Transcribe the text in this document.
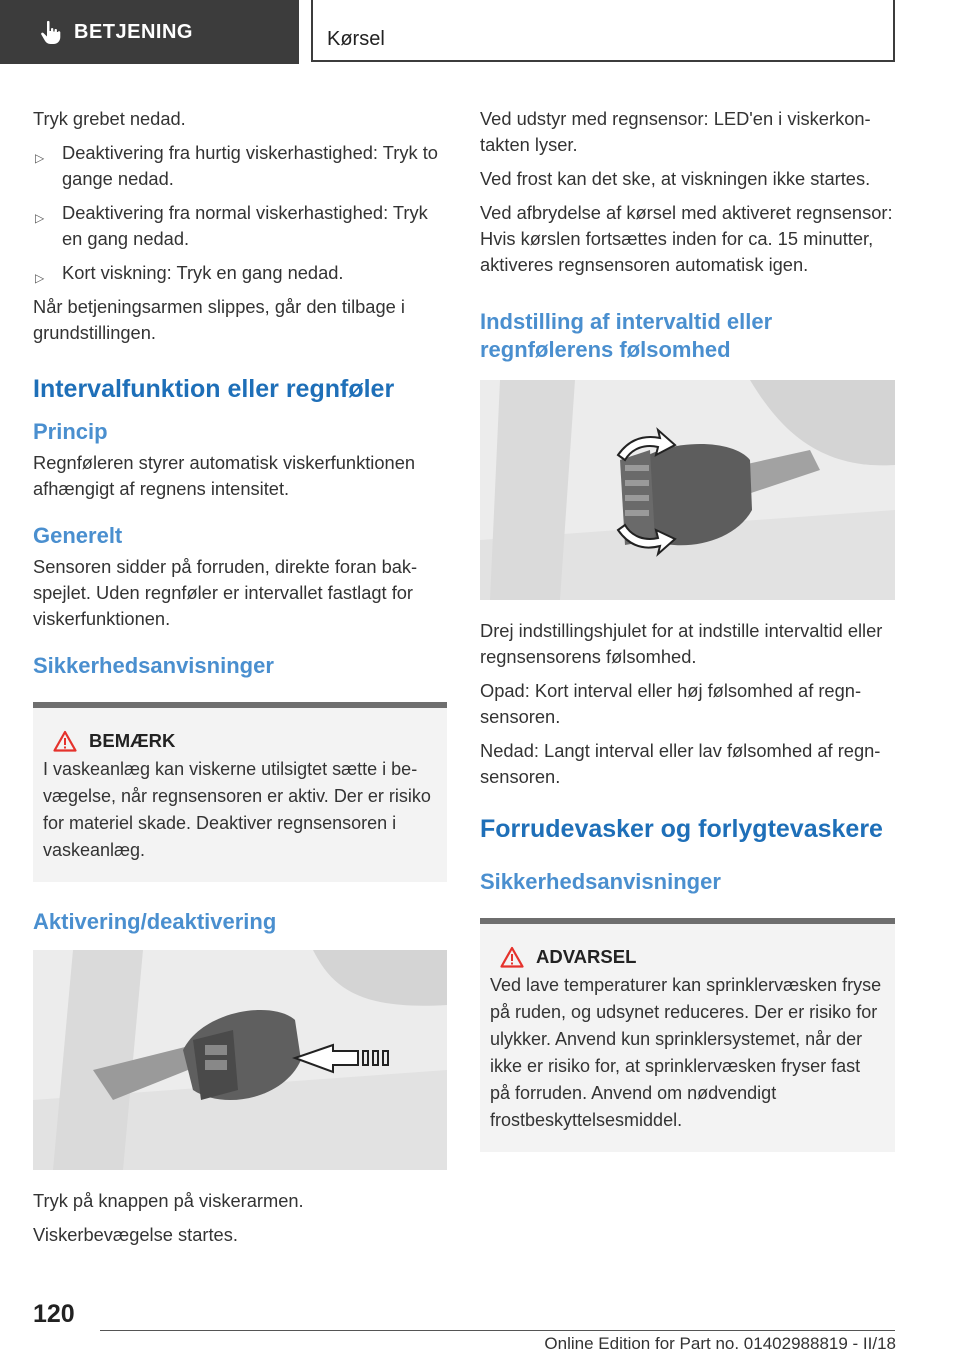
BETJENING	Kørsel

Tryk grebet nedad.

▷ Deaktivering fra hurtig viskerhastighed: Tryk to gange nedad.

▷ Deaktivering fra normal viskerhastighed: Tryk en gang nedad.

▷ Kort viskning: Tryk en gang nedad.

Når betjeningsarmen slippes, går den tilbage i grundstillingen.

Intervalfunktion eller regnføler
Princip

Regnføleren styrer automatisk viskerfunktionen afhængigt af regnens intensitet.

Generelt

Sensoren sidder på forruden, direkte foran bakspejlet. Uden regnføler er intervallet fastlagt for viskerfunktionen.

Sikkerhedsanvisninger
BEMÆRK

I vaskeanlæg kan viskerne utilsigtet sætte i bevægelse, når regnsensoren er aktiv. Der er risiko for materiel skade. Deaktiver regnsensoren i vaskeanlæg.

Aktivering/deaktivering

Tryk på knappen på viskerarmen.

Viskerbevægelse startes.

Ved udstyr med regnsensor: LED'en i viskerkontakten lyser.

Ved frost kan det ske, at viskningen ikke startes.

Ved afbrydelse af kørsel med aktiveret regnsensor: Hvis kørslen fortsættes inden for ca. 15 minutter, aktiveres regnsensoren automatisk igen.

Indstilling af intervaltid eller regnfølerens følsomhed

Drej indstillingshjulet for at indstille intervaltid eller regnsensorens følsomhed.

Opad: Kort interval eller høj følsomhed af regnsensoren.

Nedad: Langt interval eller lav følsomhed af regnsensoren.

Forrudevasker og forlygtevaskere
Sikkerhedsanvisninger
ADVARSEL

Ved lave temperaturer kan sprinklervæsken fryse på ruden, og udsynet reduceres. Der er risiko for ulykker. Anvend kun sprinklersystemet, når der ikke er risiko for, at sprinklervæsken fryser fast på forruden. Anvend om nødvendigt frostbeskyttelsesmiddel.

120
Online Edition for Part no. 01402988819 - II/18
